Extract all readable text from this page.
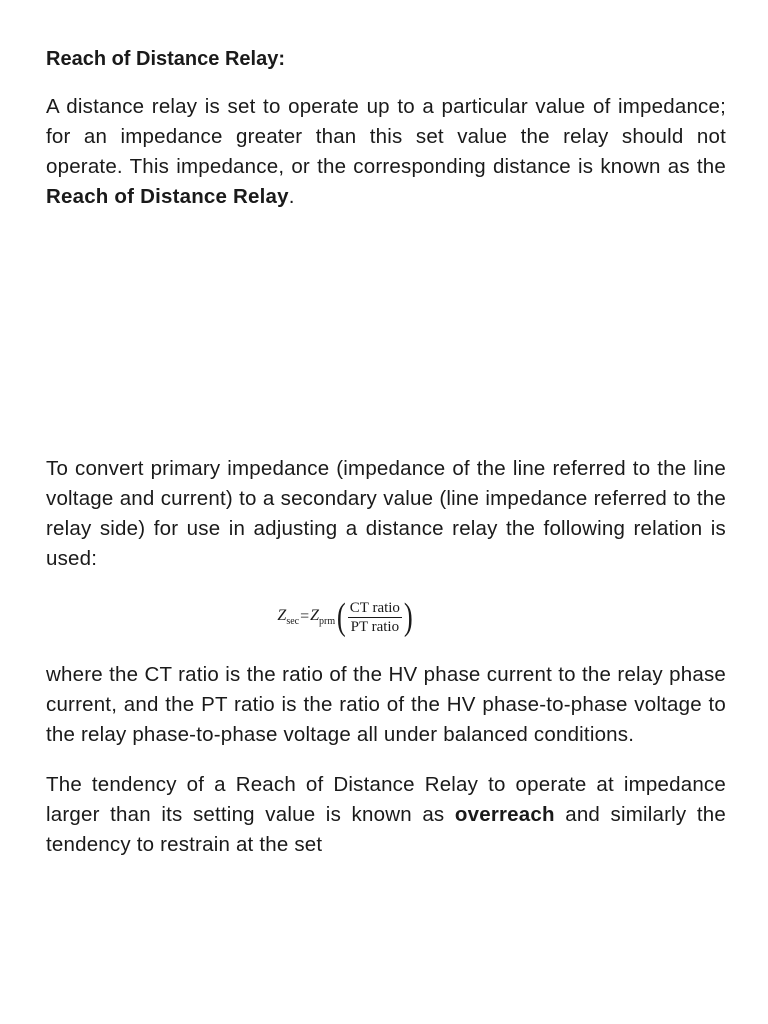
Reach of Distance Relay:

A distance relay is set to operate up to a particular value of impedance; for an impedance greater than this set value the relay should not operate. This impedance, or the corresponding distance is known as the Reach of Distance Relay.

To convert primary impedance (impedance of the line referred to the line voltage and current) to a secondary value (line impedance referred to the relay side) for use in adjusting a distance relay the following relation is used:

$Z_{sec} = Z_{prm}$ ( $\frac{\text{CT ratio}}{\text{PT ratio}}$ )

where the CT ratio is the ratio of the HV phase current to the relay phase current, and the PT ratio is the ratio of the HV phase-to-phase voltage to the relay phase-to-phase voltage all under balanced conditions.

The tendency of a Reach of Distance Relay to operate at impedance larger than its setting value is known as overreach and similarly the tendency to restrain at the set
